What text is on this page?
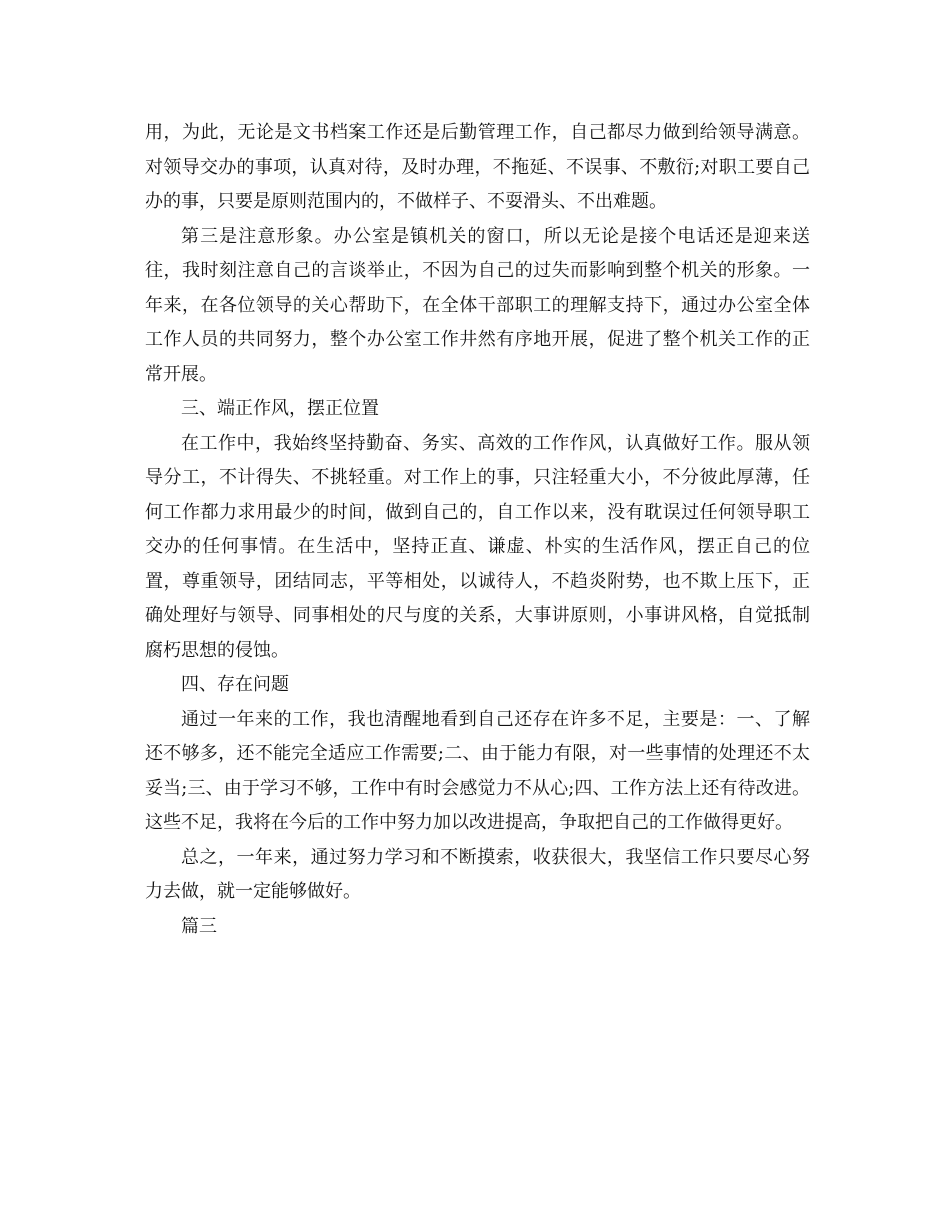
用，为此，无论是文书档案工作还是后勤管理工作，自己都尽力做到给领导满意。对领导交办的事项，认真对待，及时办理，不拖延、不误事、不敷衍;对职工要自己办的事，只要是原则范围内的，不做样子、不耍滑头、不出难题。

第三是注意形象。办公室是镇机关的窗口，所以无论是接个电话还是迎来送往，我时刻注意自己的言谈举止，不因为自己的过失而影响到整个机关的形象。一年来，在各位领导的关心帮助下，在全体干部职工的理解支持下，通过办公室全体工作人员的共同努力，整个办公室工作井然有序地开展，促进了整个机关工作的正常开展。

三、端正作风，摆正位置

在工作中，我始终坚持勤奋、务实、高效的工作作风，认真做好工作。服从领导分工，不计得失、不挑轻重。对工作上的事，只注轻重大小，不分彼此厚薄，任何工作都力求用最少的时间，做到自己的，自工作以来，没有耽误过任何领导职工交办的任何事情。在生活中，坚持正直、谦虚、朴实的生活作风，摆正自己的位置，尊重领导，团结同志，平等相处，以诚待人，不趋炎附势，也不欺上压下，正确处理好与领导、同事相处的尺与度的关系，大事讲原则，小事讲风格，自觉抵制腐朽思想的侵蚀。

四、存在问题

通过一年来的工作，我也清醒地看到自己还存在许多不足，主要是：一、了解还不够多，还不能完全适应工作需要;二、由于能力有限，对一些事情的处理还不太妥当;三、由于学习不够，工作中有时会感觉力不从心;四、工作方法上还有待改进。这些不足，我将在今后的工作中努力加以改进提高，争取把自己的工作做得更好。

总之，一年来，通过努力学习和不断摸索，收获很大，我坚信工作只要尽心努力去做，就一定能够做好。

篇三
